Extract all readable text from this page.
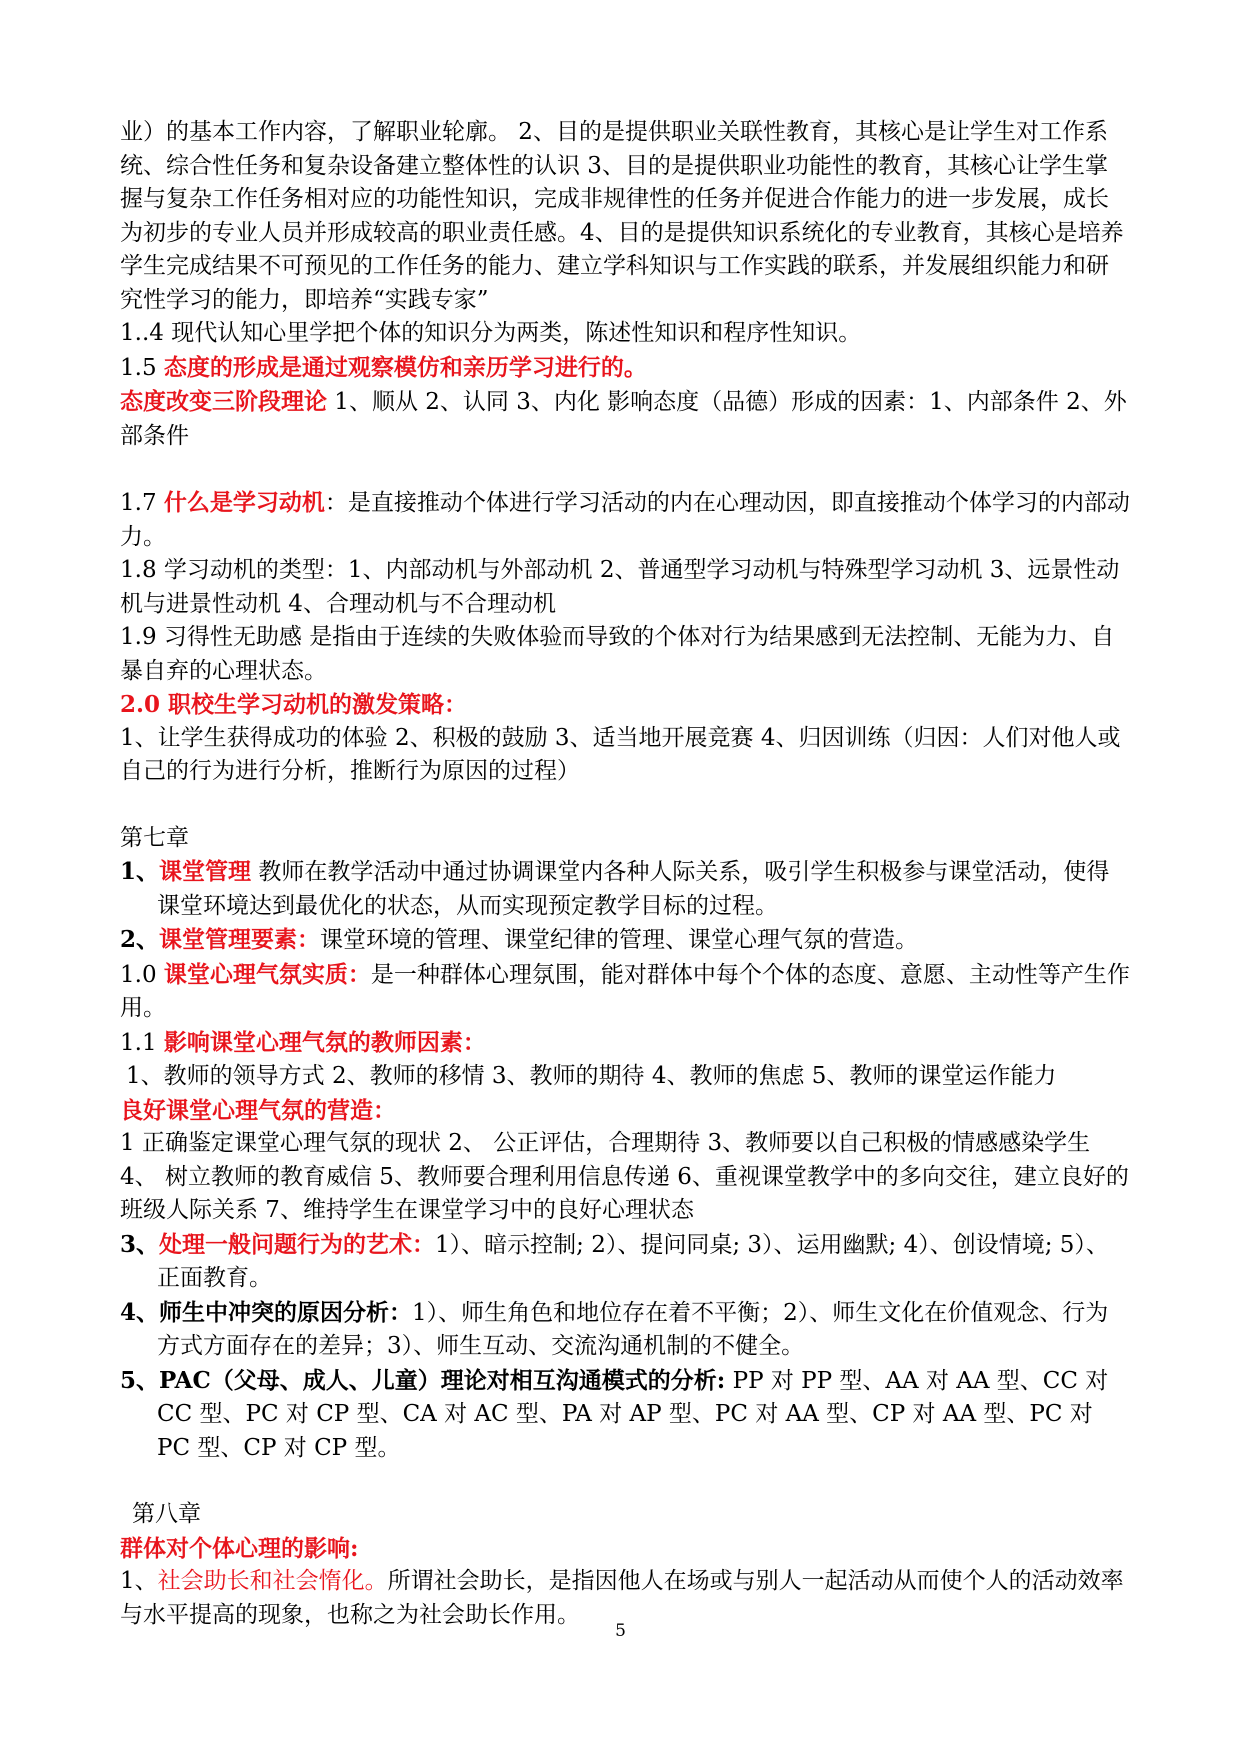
业）的基本工作内容，了解职业轮廓。 2、目的是提供职业关联性教育，其核心是让学生对工作系统、综合性任务和复杂设备建立整体性的认识 3、目的是提供职业功能性的教育，其核心让学生掌握与复杂工作任务相对应的功能性知识，完成非规律性的任务并促进合作能力的进一步发展，成长为初步的专业人员并形成较高的职业责任感。4、目的是提供知识系统化的专业教育，其核心是培养学生完成结果不可预见的工作任务的能力、建立学科知识与工作实践的联系，并发展组织能力和研究性学习的能力，即培养“实践专家”

1..4 现代认知心里学把个体的知识分为两类，陈述性知识和程序性知识。

1.5 态度的形成是通过观察模仿和亲历学习进行的。

态度改变三阶段理论 1、顺从 2、认同 3、内化 影响态度（品德）形成的因素：1、内部条件 2、外部条件

1.7 什么是学习动机：是直接推动个体进行学习活动的内在心理动因，即直接推动个体学习的内部动力。

1.8 学习动机的类型：1、内部动机与外部动机 2、普通型学习动机与特殊型学习动机 3、远景性动机与进景性动机 4、合理动机与不合理动机

1.9 习得性无助感 是指由于连续的失败体验而导致的个体对行为结果感到无法控制、无能为力、自暴自弃的心理状态。

2.0 职校生学习动机的激发策略：

1、让学生获得成功的体验 2、积极的鼓励 3、适当地开展竞赛 4、归因训练（归因：人们对他人或自己的行为进行分析，推断行为原因的过程）

第七章

1、课堂管理 教师在教学活动中通过协调课堂内各种人际关系，吸引学生积极参与课堂活动，使得课堂环境达到最优化的状态，从而实现预定教学目标的过程。

2、课堂管理要素：课堂环境的管理、课堂纪律的管理、课堂心理气氛的营造。

1.0 课堂心理气氛实质：是一种群体心理氛围，能对群体中每个个体的态度、意愿、主动性等产生作用。

1.1 影响课堂心理气氛的教师因素：

1、教师的领导方式 2、教师的移情 3、教师的期待 4、教师的焦虑 5、教师的课堂运作能力

良好课堂心理气氛的营造：

1 正确鉴定课堂心理气氛的现状 2、 公正评估，合理期待 3、教师要以自己积极的情感感染学生 4、 树立教师的教育威信 5、教师要合理利用信息传递 6、重视课堂教学中的多向交往，建立良好的班级人际关系 7、维持学生在课堂学习中的良好心理状态

3、处理一般问题行为的艺术：1）、暗示控制; 2）、提问同桌; 3）、运用幽默; 4）、创设情境; 5）、正面教育。

4、师生中冲突的原因分析：1）、师生角色和地位存在着不平衡；2）、师生文化在价值观念、行为方式方面存在的差异；3）、师生互动、交流沟通机制的不健全。

5、PAC（父母、成人、儿童）理论对相互沟通模式的分析: PP 对 PP 型、AA 对 AA 型、CC 对 CC 型、PC 对 CP 型、CA 对 AC 型、PA 对 AP 型、PC 对 AA 型、CP 对 AA 型、PC 对 PC 型、CP 对 CP 型。

第八章

群体对个体心理的影响:

1、社会助长和社会惰化。所谓社会助长，是指因他人在场或与别人一起活动从而使个人的活动效率与水平提高的现象，也称之为社会助长作用。

5
